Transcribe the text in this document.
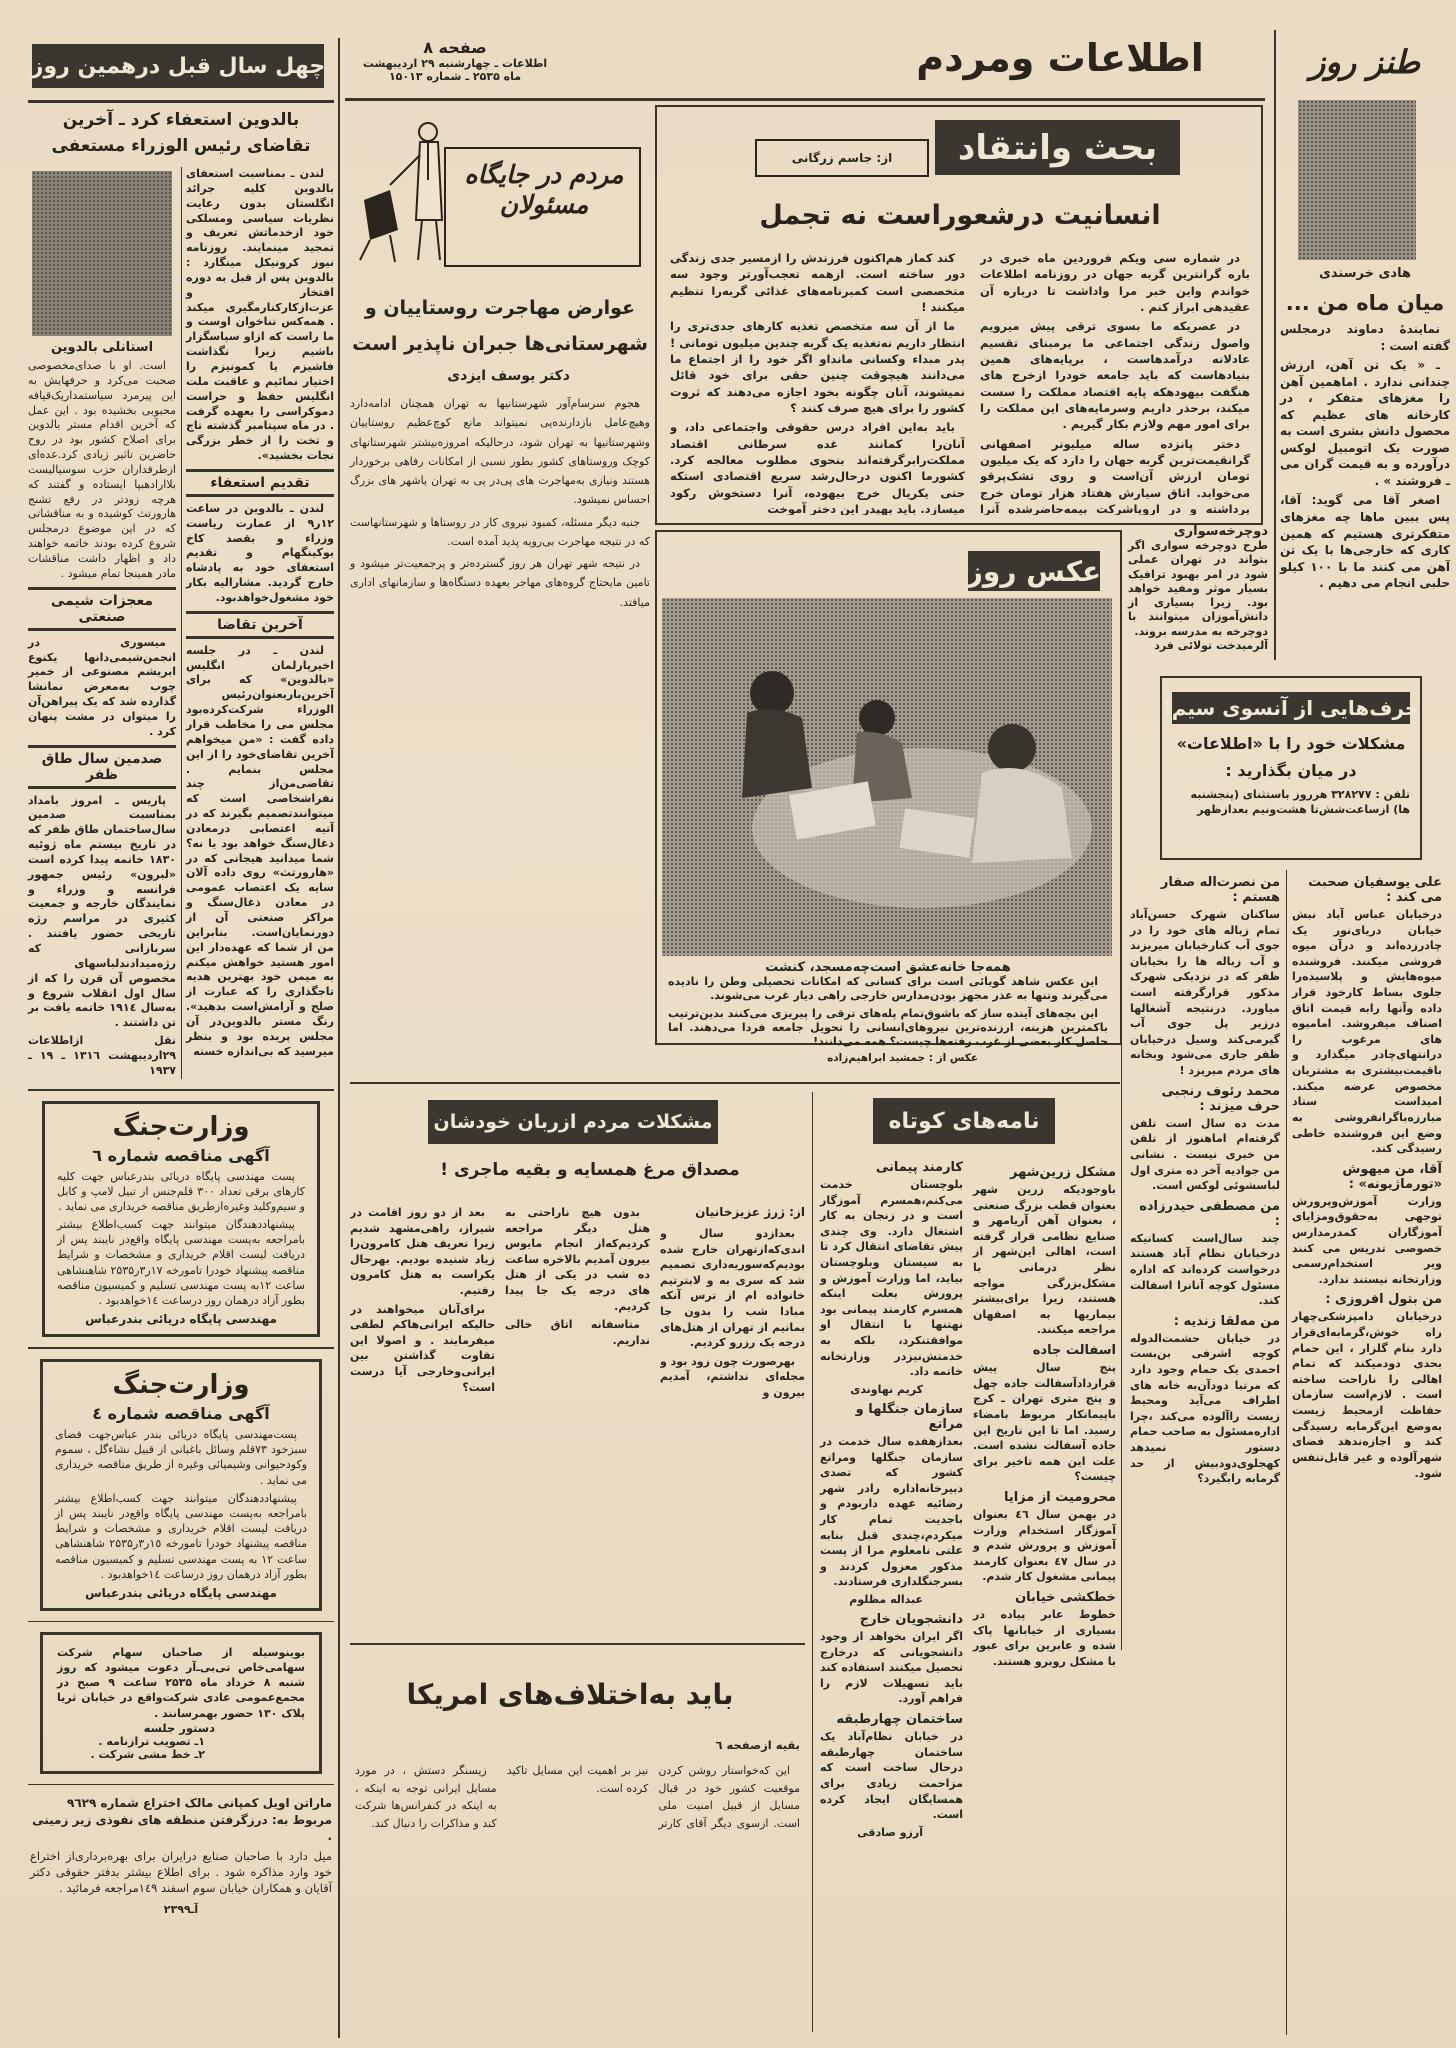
چهل سال قبل درهمین روز
صفحه ۸
اطلاعات ـ چهارشنبه ۲۹ اردیبهشت
ماه ۲۵۳۵ ـ شماره ۱۵۰۱۳	اطلاعات ومردم	طنز روز
هادی خرسندی
میان ماه من ...

نمایندهٔ دماوند درمجلس گفته است :

ـ « یک تن آهن، ارزش چندانی ندارد . اماهمین آهن را مغزهای متفکر ، در کارخانه های عظیم که محصول دانش بشری است به صورت یک اتومبیل لوکس درآورده و به قیمت گران می ـ فروشند » .

اصغر آقا می گوید: آقا، پس ببین ماها چه مغزهای متفکرتری هستیم که همین کاری که خارجی‌ها با یک تن آهن می کنند ما با ۱۰۰ کیلو حلبی انجام می دهیم .

بالدوین استعفاء کرد ـ آخرین تقاضای رئیس الوزراء مستعفی

لندن ـ بمناسبت استعفای بالدوین کلیه جرائد انگلستان بدون رعایت نظریات سیاسی ومسلکی خود ازخدماتش تعریف و تمجید مینمایند. روزنامه نیوز کرونیکل مینگارد : بالدوین پس از قبل به دوره افتخار و عزت‌ازکارکنارمگیری میکند . همه‌کس تناخوان اوست و ما راست که ازاو سپاسگزار باشیم زیرا نگذاشت فاشیزم یا کمونیزم را اختیار نمائیم و عاقبت ملت انگلیس حفظ و حراست دموکراسی را بعهده گرفت . در ماه سپتامبر گذشته تاج و تخت را از خطر بزرگی نجات بخشید».

تقدیم استعفاء

لندن ـ بالدوین در ساعت ۱۲ر۹ از عمارت ریاست وزراء و بقصد کاخ بوکینگهام و تقدیم استعفای خود به پادشاه خارج گردید. مشارالیه بکار خود مشغول‌خواهدبود.

آخرین تقاضا

لندن ـ در جلسه اخیرپارلمان انگلیس «بالدوین» که برای آخرین‌باربعنوان‌رئیس الوزراء شرکت‌کرده‌بود مجلس می را مخاطب قرار داده گفت : «من میخواهم آخرین تقاضای‌خود را از این مجلس بنمایم . تقاضی‌من‌از چند نفراشخاصی است که میتوانندتصمیم بگیرند که در آتیه اعتصابی درمعادن ذغال‌سنگ خواهد بود یا نه؟ شما میدانید هیجانی که در «هارورتث» روی داده آلان سایه یک اعتصاب عمومی در معادن ذغال‌سنگ و مراکز صنعتی آن از دورنمایان‌است. بنابراین من از شما که عهده‌دار این امور هستید خواهش میکنم به میمن خود بهترین هدیه تاجگذاری را که عبارت از صلح و آرامش‌است بدهید». رنگ مستر بالدوین‌در آن مجلس پریده بود و بنظر میرسید که بی‌اندازه خسته

استانلی بالدوین

است. او با صدای‌مخصوصی صحبت می‌کرد و حرفهایش به این پیرمرد سیاستمداریک‌قیافه محبوبی بخشیده بود . این عمل که آخرین اقدام مستر بالدوین برای اصلاح کشور بود در روح حاضرین تاثیر زیادی کرد.عده‌ای ازطرفداران حزب سوسیالیست بلاارادهبپا ایستاده و گفتند که هرچه زودتر در رفع تشنج هارورتث کوشیده و به مناقشاتی که در این موضوع درمجلس شروع کرده بودند خاتمه خواهند داد و اظهار داشت مناقشات مادر همینجا تمام میشود .

معجزات شیمی صنعتی

میسوری در انجمن‌شیمی‌دانها یکنوع ابریشم مصنوعی از خمیر چوب به‌معرض نمانشا گذارده شد که یک پیراهن‌آن را میتوان در مشت پنهان کرد .

صدمین سال طاق ظفر

پاریس ـ امروز بامداد بمناسبت صدمین سال‌ساختمان طاق ظفر که در تاریخ بیستم ماه ژوئیه ۱۸۳۰ خاتمه پیدا کرده است «لبرون» رئیس جمهور فرانسه و وزراء و نمایندگان خارجه و جمعیت کثیری در مراسم رژه تاریخی حضور یافتند . سربازانی که رژه‌میدادندلباسهای مخصوص آن قرن را که از سال اول انقلاب شروع و به‌سال ۱۹۱٤ خاتمه یافت بر تن داشتند .

نقل ازاطلاعات ۲۹اردیبهشت ۱۳۱٦ ـ ۱۹ ـ ۱۹۳۷
وزارت‌جنگ
آگهی مناقصه شماره ٦

پست مهندسی پایگاه دریائی بندرعباس جهت کلیه کارهای برقی تعداد ۳۰۰ قلم‌جنس از تبیل لامپ و کابل و سیم‌وکلید وغیره‌ازطریق مناقصه خریداری می نماید .

پیشنهاددهندگان میتوانند جهت کسب‌اطلاع بیشتر بامراجعه به‌پست مهندسی پایگاه واقع‌در نایبند پس از دریافت لیست اقلام خریداری و مشخصات و شرایط مناقصه پیشنهاد خودرا تامورخه ۱۷ر۳ر۲۵۳۵ شاهنشاهی ساعت ۱۲به پست مهندسی تسلیم و کمیسیون مناقصه بطور آزاد درهمان روز درساعت ۱٤خواهدبود .

مهندسی پایگاه دریائی بندرعباس
وزارت‌جنگ
آگهی مناقصه شماره ٤

پست‌مهندسی پایگاه دریائی بندر عباس‌جهت فضای سبزخود ۷۳قلم وسائل باغبانی از قبیل نشاءگل ، سموم وکودحیوانی وشیمیائی وغیره از طریق مناقصه خریداری می نماید .

پیشنهاددهندگان میتوانند جهت کسب‌اطلاع بیشتر بامراجعه به‌پست مهندسی پایگاه واقع‌در نایبند پس از دریافت لیست اقلام خریداری و مشخصات و شرایط مناقصه پیشنهاد خودرا تامورخه ۱٥ر۳ر۲۵۳۵ شاهنشاهی ساعت ۱۲ به پست مهندسی تسلیم و کمیسیون مناقصه بطور آزاد درهمان روز درساعت ۱٤خواهدبود .

مهندسی پایگاه دریائی بندرعباس
بوینوسیله از صاحبان سهام شرکت سهامی‌خاص تی‌بی‌ـ‌آر دعوت میشود که روز شنبه ۸ خرداد ماه ۲۵۳۵ ساعت ۹ صبح در مجمع‌عمومی عادی شرکت‌واقع در خیابان ثریا پلاک ۱۳۰ حضور بهمرسانند .
دستور جلسه
۱ـ تصویب ترازنامه .
۲ـ خط مشی شرکت .
ماراتن اویل کمپانی مالک اختراع شماره ۹٦۲۹ مربوط به: درزگرفتن منطقه های نفوذی زیر زمینی .
میل دارد با صاحبان صنایع درایران برای بهره‌برداری‌از اختراع خود وارد مذاکره شود . برای اطلاع بیشتر بدفتر حقوقی دکتر آقایان و همکاران خیابان سوم اسفند ۱٤۹مراجعه فرمائید .
آ‌ـ۲۳۹۹
مردم در جایگاه مسئولان
عوارض مهاجرت روستاییان و شهرستانی‌ها جبران ناپذیر است
دکتر یوسف ایزدی

هجوم سرسام‌آور شهرستانیها به تهران همچنان ادامه‌دارد وهیچ‌عامل بازدارنده‌یی نمیتواند مانع کوچ‌عظیم روستاییان وشهرستانیها به تهران شود، درحالیکه امروزه‌بیشتر شهرستانهای کوچک وروستاهای کشور بطور نسبی از امکانات رفاهی برخوردار هستند ونیازی به‌مهاجرت های پی‌در پی به تهران یاشهر های بزرگ احساس نمیشود.

جنبه دیگر مسئله، کمبود نیروی کار در روستاها و شهرستانهاست که در نتیجه مهاجرت بی‌رویه پدید آمده است.

در نتیجه شهر تهران هر روز گسترده‌تر و پرجمعیت‌تر میشود و تامین مایحتاج گروه‌های مهاجر بعهده دستگاه‌ها و سازمانهای اداری میافتد.

بحث وانتقاد
از: جاسم زرگانی
انسانیت درشعوراست نه تجمل

در شماره سی ویکم فروردین ماه خبری در باره گرانترین گربه جهان در روزنامه اطلاعات خواندم واین خبر مرا واداشت تا درباره آن عقیدهی ابراز کنم .

در عصریکه ما بسوی ترقی پیش میرویم واصول زندگی اجتماعی ما برمبنای تقسیم عادلانه درآمدهاست ، برپایه‌های همین بنیادهاست که باید جامعه خودرا ازخرج های هنگفت بیهودهکه پایه اقتصاد مملکت را سست میکند، برحذر داریم وسرمایه‌های این مملکت را برای امور مهم ولازم بکار گیریم .

دختر پانزده ساله میلیونر اصفهانی گرانقیمت‌ترین گربه جهان را دارد که یک میلیون تومان ارزش آن‌است و روی تشک‌پرقو می‌خوابد. اتاق سیارش هفتاد هزار تومان خرج برداشته و در اروپاشرکت بیمه‌حاضرشده آنرا

کند کماز هم‌اکنون فرزندش را ازمسیر جدی زندگی دور ساخته است. ازهمه تعجب‌آورتر وجود سه متخصصی است کمبرنامه‌های غذائی گربه‌را تنظیم میکنند !

ما از آن سه متخصص تغذیه کارهای جدی‌تری را انتظار داریم نه‌تغذیه یک گربه چندین میلیون تومانی ! پدر مبداء وکسانی مانداو اگر خود را از اجتماع ما می‌دانند هیچوقت چنین حقی برای خود قائل نمیشوند، آنان چگونه بخود اجازه می‌دهند که ثروت کشور را برای هیچ صرف کنند ؟

باید به‌این افراد درس حقوقی واجتماعی داد، و آنان‌را کمانند غده سرطانی اقتصاد مملکت‌رابرگرفته‌اند بنحوی مطلوب معالجه کرد. کشورما اکنون درحال‌رشد سریع اقتصادی استکه حتی یکریال خرج بیهوده، آنرا دستخوش رکود میسازد. باید بهپدر این دختر آموخت

عکس روز
همه‌جا خانه‌عشق است‌چه‌مسجد، کنشت

این عکس شاهد گویائی است برای کسانی که امکانات تحصیلی وطن را نادیده می‌گیرند وتنها به عذر مجهز بودن‌مدارس خارجی راهی دیار غرب می‌شوند.

این بچه‌های آینده ساز که باشوق‌تمام پله‌های ترقی را پیریزی می‌کنند بدین‌ترتیب باکمترین هزینه، ارزنده‌ترین نیروهای‌انسانی را تحویل جامعه فردا می‌دهند. اما حاصل کار بعضی از غرب رفته‌ها چیست؟ همه می‌دانند!

عکس از : جمشید ابراهیم‌زاده
دوچرخه‌سواری
طرح دوچرخه سواری اگر بتواند در تهران عملی شود در امر بهبود ترافیک بسیار موثر ومفید خواهد بود. زیرا بسیاری از دانش‌آموزان میتوانند با دوچرخه به مدرسه بروند.
آلرمیدخت تولائی فرد
حرف‌هایی از آنسوی سیم!
مشکلات خود را با «اطلاعات»
در میان بگذارید :
تلفن : ۳۲۸۲۷۷ هرروز باستثنای (پنجشنبه ها) ازساعت‌شش‌تا هشت‌ونیم بعدازظهر
علی یوسفیان صحبت می کند :
درخیابان عباس آباد نبش خیابان دریای‌نور یک چادرزده‌اند و درآن میوه فروشی میکنند. فروشنده میوه‌هایش و پلاسیده‌را جلوی بساط کارخود قرار داده وآنها رابه قیمت اتاق اصناف میفروشد. امامیوه های مرغوب را درانتهای‌چادر میگذارد و باقیمت‌بیشتری به مشتریان مخصوص عرضه میکند. امیداست ستاد مبارزه‌باگرانفروشی به وضع این فروشنده خاطی رسیدگی کند.
آقا، من میهوش «تورماژیونه» :
وزارت آموزش‌وپرورش توجهی به‌حقوق‌ومزایای آموزگاران کمدرمدارس خصوصی تدریس می کنند ویر استخدام‌رسمی وزارتخانه نیستند ندارد.
من بتول افروزی :
درخیابان دامپزشکی‌چهار راه خوش،گرمابه‌ای‌قرار دارد بنام گلزار ، این حمام بحدی دودمیکند که تمام اهالی را ناراحت ساخته است . لازم‌است سازمان حفاظت ازمحیط زیست به‌وضع این‌گرمابه رسیدگی کند و اجازه‌ندهد فضای شهرآلوده و غیر قابل‌تنفس شود.
من نصرت‌اله صفار هستم :
ساکنان شهرک حسن‌آباد تمام زباله های خود را در جوی آب کنارخیابان میریزند و آب زباله ها را بخیابان ظفر که در نزدیکی شهرک مذکور قرارگرفته است میاورد. درنتیجه آشغالها درزیر پل جوی آب گیرمی‌کند وسیل درخیابان ظفر جاری می‌شود وبخانه های مردم میریزد !
محمد رئوف رنجبی حرف میزند :
مدت ده سال است تلفن گرفته‌ام اماهنوز از تلفن من خبری نیست . نشانی من جوادیه آخر ده متری اول لباسشوئی لوکس است.
من مصطفی حیدرزاده :
چند سال‌است کسانیکه درخیابان نظام آباد هستند درخواست کرده‌اند که اداره مسئول کوچه آنانرا اسفالت کند.
من مه‌لقا زندیه :
در خیابان حشمت‌الدوله کوچه اشرفی بن‌بست احمدی یک حمام وجود دارد که مرتبا دودآن‌به خانه های اطراف می‌آید ومحیط زیست راآلوده می‌کند ،چرا اداره‌مسئول به صاحب حمام دستور نمیدهد کهجلوی‌دودبیش از حد گرمابه رابگیرد؟
مشکلات مردم ازربان خودشان
مصداق مرغ همسایه و بقیه ماجری !
از: ژرژ عزیزخانیان

بعدازدو سال و اندی‌که‌ازتهران خارج شده بودیم‌که‌سوریه‌داری تصمیم شد که سری به و لابترتیم خانواده ام از ترس آنکه مبادا شب را بدون جا بمانیم از تهران از هتل‌های درجه یک رزرو کردیم.

بهرصورت چون زود بود و مجله‌ای نداشتم، آمدیم بیرون و

بدون هیچ ناراحتی به هتل دیگر مراجعه کردیم‌که‌از انجام مایوس بیرون آمدیم بالاخره ساعت ده شب در یکی از هتل های درجه یک جا پیدا کردیم.

متاسفانه اتاق خالی نداریم.

بعد از دو روز اقامت در شیراز، راهی‌مشهد شدیم زیرا تعریف هتل کامرون‌را زیاد شنیده بودیم. بهرحال یکراست به هتل کامرون رفتیم.

برای‌آنان میخواهند در حالیکه ایرانی‌هاکم لطفی میفرمایند . و اصولا این تفاوت گذاشتن بین ایرانی‌وخارجی آیا درست است؟

باید به‌اختلاف‌های امریکا
بقیه ازصفحه ٦

این که‌خواستار روشن کردن موقعیت کشور خود در قبال مسایل از قبیل امنیت ملی است. ازسوی دیگر آقای کارتر نیز بر اهمیت این مسایل تاکید کرده است.

زیسنگر دستش ، در مورد مسایل ایرانی توجه به اینکه ، به اینکه در کنفرانس‌ها شرکت کند و مذاکرات را دنبال کند.

نامه‌های کوتاه
مشکل زرین‌شهر
باوجودیکه زرین شهر بعنوان قطب بزرگ صنعتی ، بعنوان آهن آریامهر و صنایع نظامی قرار گرفته است، اهالی این‌شهر از نظر درمانی با مشکل‌بزرگی مواجه هستند، زیرا برای‌بیشتر بیماریها به اصفهان مراجعه میکنند.
اسفالت جاده
پنج سال پیش قراردادآسفالت جاده چهل و پنج متری تهران ـ کرج باپیمانکار مربوط بامضاء رسید. اما تا این تاریخ این جاده آسفالت نشده است. علت این همه تاخیر برای چیست؟
محرومیت از مزایا
در بهمن سال ٤٦ بعنوان آموزگار استخدام وزارت آموزش و پرورش شدم و در سال ٤٧ بعنوان کارمند پیمانی مشغول کار شدم.
خطکشی خیابان
خطوط عابر پیاده در بسیاری از خیابانها پاک شده و عابرین برای عبور با مشکل روبرو هستند.
کارمند پیمانی
بلوچستان خدمت می‌کنم،همسرم آموزگار است و در زنجان به کار اشتغال دارد. وی چندی پیش تقاضای انتقال کرد تا به سیستان وبلوچستان بیاید، اما وزارت آموزش و پرورش بعلت اینکه همسرم کارمند پیمانی بود نهتنها با انتقال او موافقتنکرد، بلکه به خدمتش‌نیزدر وزارتخانه خاتمه داد.
کریم نهاوندی
سازمان جنگلها و مراتع
بعدازهفده سال خدمت در سازمان جنگلها ومراتع کشور که تصدی دبیرخانه‌اداره رادر شهر رضائیه عهده داربودم و باجدیت تمام کار میکردم،چندی قبل بنابه علتی نامعلوم مرا از پست مذکور معزول کردند و بسرجنگلداری فرستادند.
عبداله مظلوم
دانشجویان خارج
اگر ایران بخواهد از وجود دانشجویانی که درخارج تحصیل میکنند استفاده کند باید تسهیلات لازم را فراهم آورد.
ساختمان چهارطبقه
در خیابان نظام‌آباد یک ساختمان چهارطبقه درحال ساخت است که مزاحمت زیادی برای همسایگان ایجاد کرده است.
آرزو صادقی
